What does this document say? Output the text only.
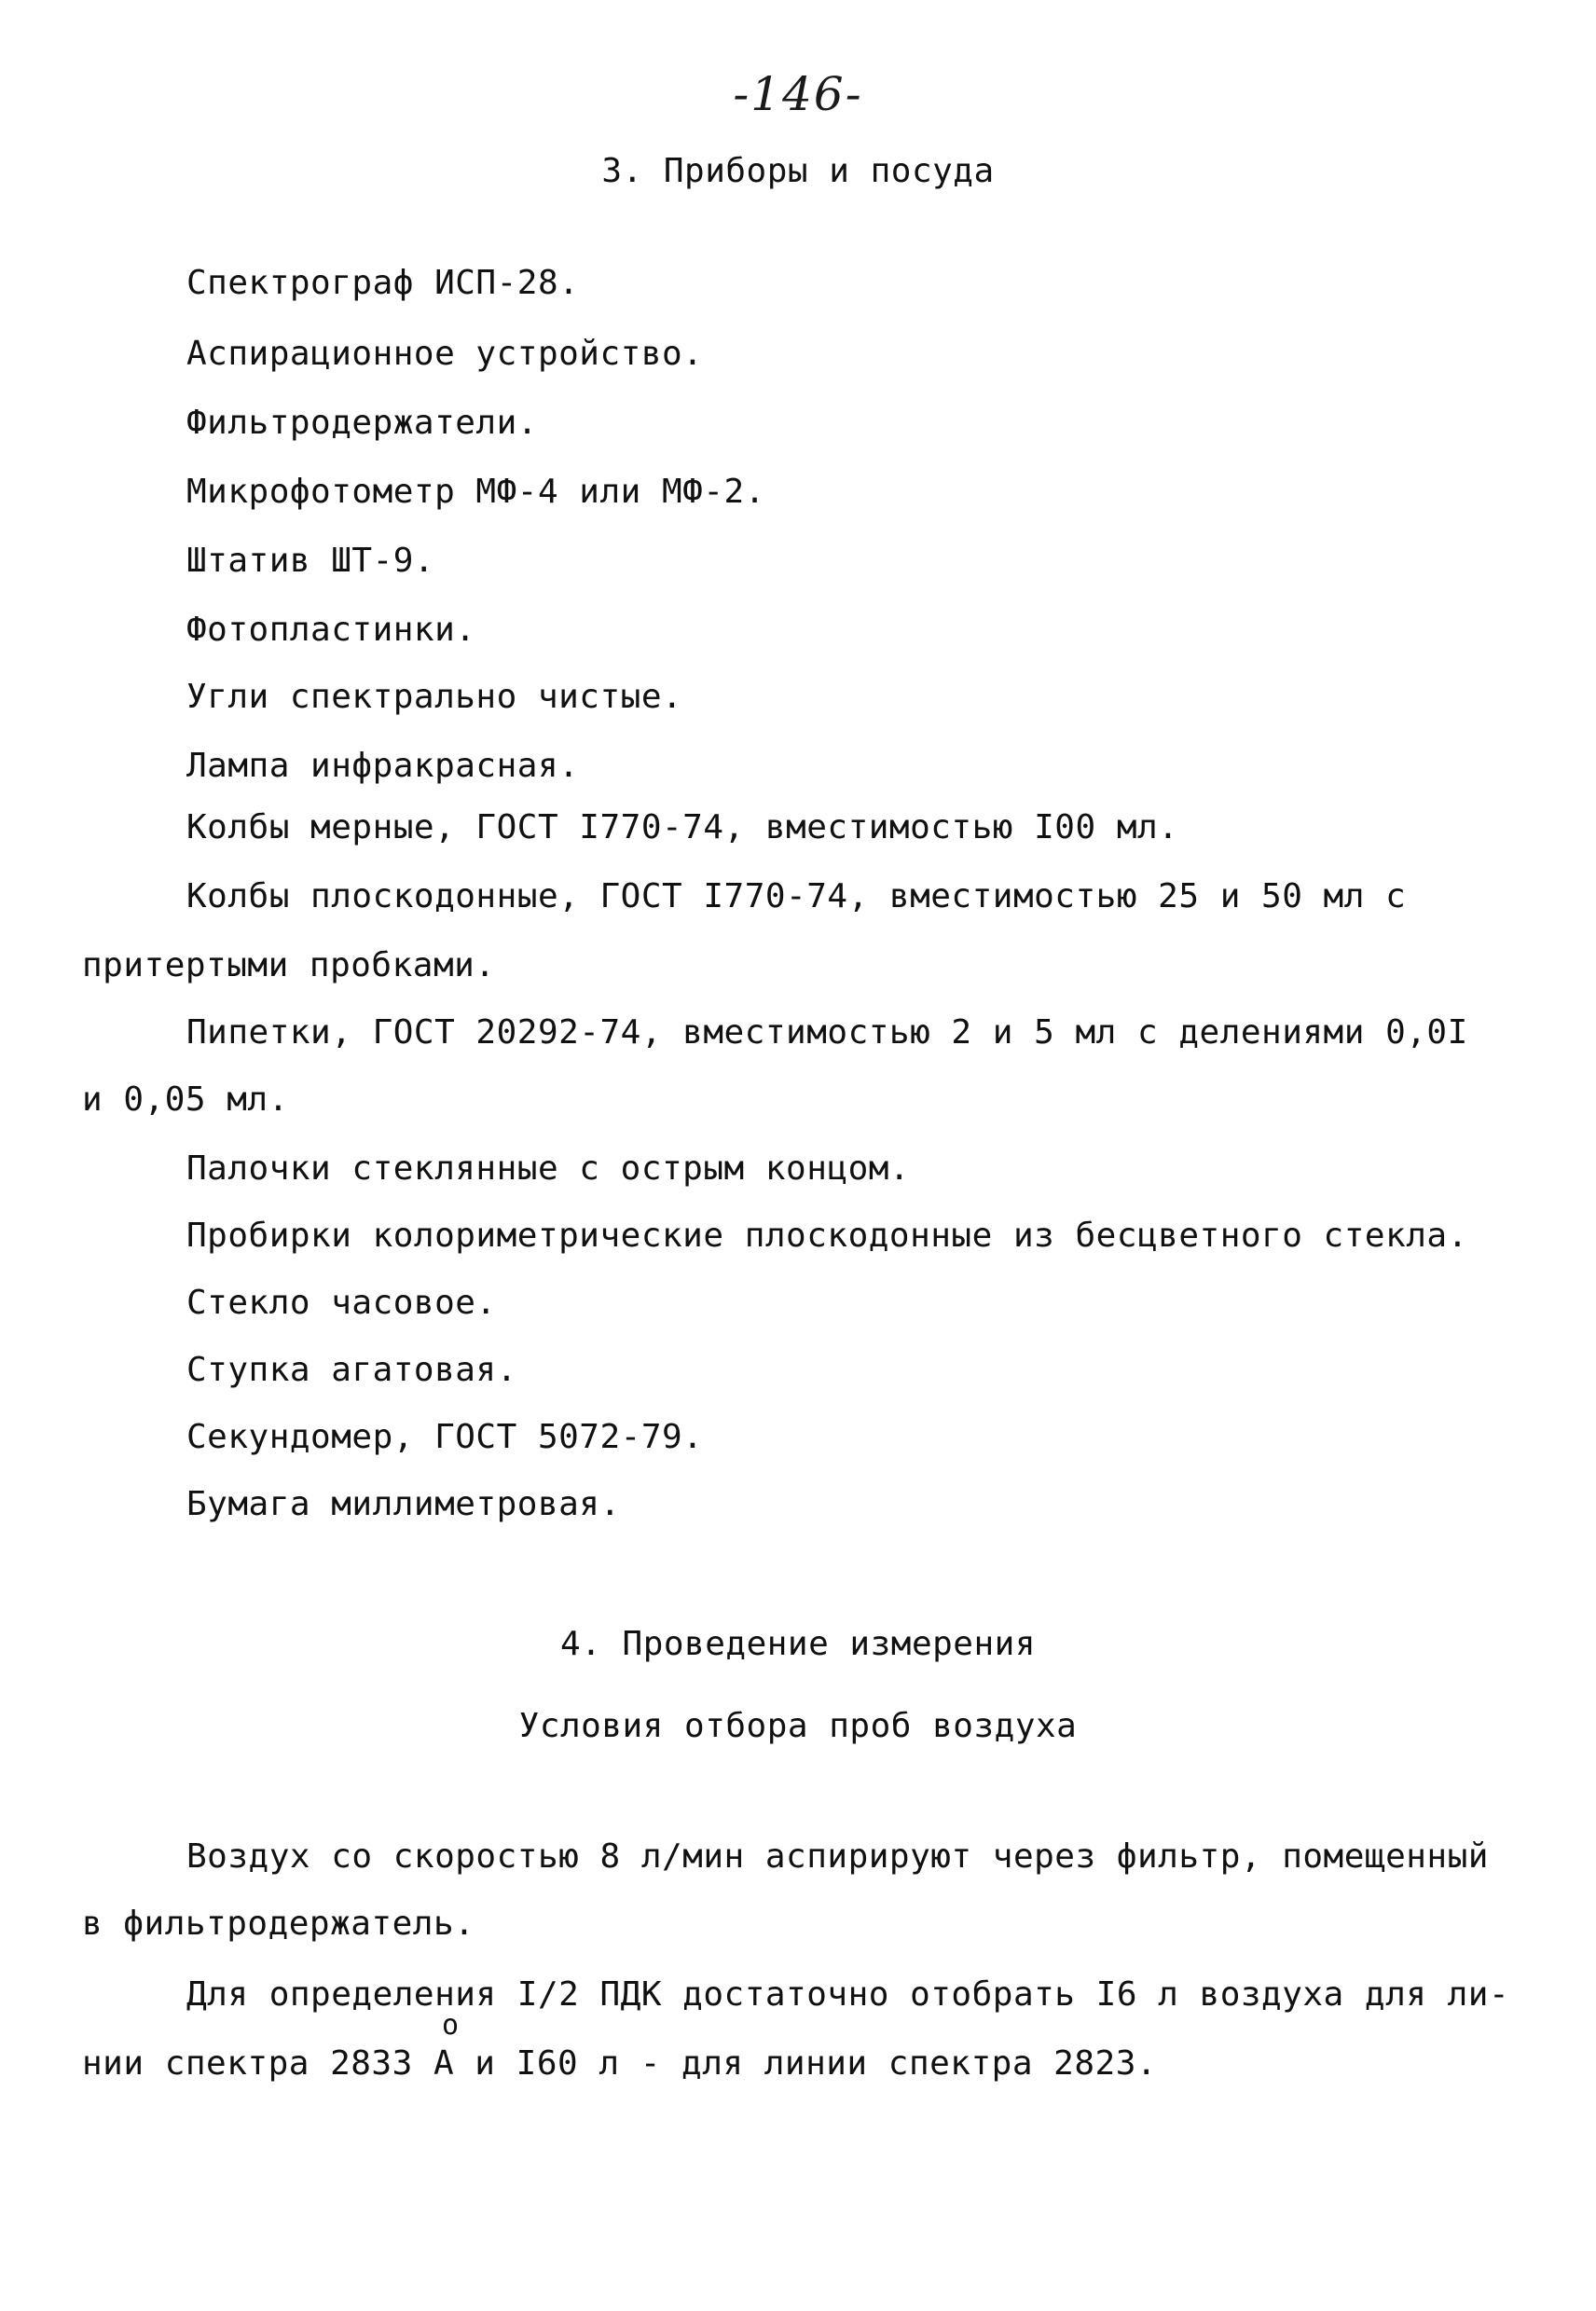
-146-
3. Приборы и посуда
Спектрограф ИСП-28.
Аспирационное устройство.
Фильтродержатели.
Микрофотометр МФ-4 или МФ-2.
Штатив ШТ-9.
Фотопластинки.
Угли спектрально чистые.
Лампа инфракрасная.
Колбы мерные, ГОСТ I770-74, вместимостью I00 мл.
Колбы плоскодонные, ГОСТ I770-74, вместимостью 25 и 50 мл с
притертыми пробками.
Пипетки, ГОСТ 20292-74, вместимостью 2 и 5 мл с делениями 0,0I
и 0,05 мл.
Палочки стеклянные с острым концом.
Пробирки колориметрические плоскодонные из бесцветного стекла.
Стекло часовое.
Ступка агатовая.
Секундомер, ГОСТ 5072-79.
Бумага миллиметровая.
4. Проведение измерения
Условия отбора проб воздуха
Воздух со скоростью 8 л/мин аспирируют через фильтр, помещенный
в фильтродержатель.
Для определения I/2 ПДК достаточно отобрать I6 л воздуха для ли-
о
нии спектра 2833 А и I60 л - для линии спектра 2823.
